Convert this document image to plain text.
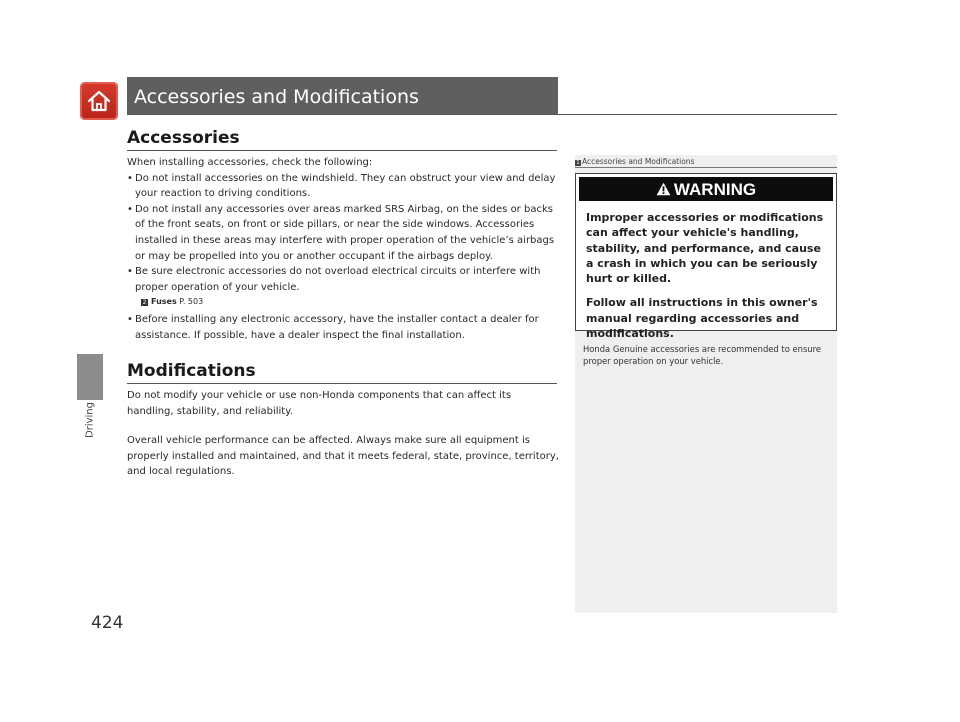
Accessories and Modifications
Driving
424
Accessories

When installing accessories, check the following:

• Do not install accessories on the windshield. They can obstruct your view and delay your reaction to driving conditions.
• Do not install any accessories over areas marked SRS Airbag, on the sides or backs of the front seats, on front or side pillars, or near the side windows. Accessories installed in these areas may interfere with proper operation of the vehicle’s airbags or may be propelled into you or another occupant if the airbags deploy.
• Be sure electronic accessories do not overload electrical circuits or interfere with proper operation of your vehicle.
2 Fuses P. 503
• Before installing any electronic accessory, have the installer contact a dealer for assistance. If possible, have a dealer inspect the final installation.
Modifications

Do not modify your vehicle or use non-Honda components that can affect its handling, stability, and reliability.

Overall vehicle performance can be affected. Always make sure all equipment is properly installed and maintained, and that it meets federal, state, province, territory, and local regulations.

1 Accessories and Modifications
WARNING

Improper accessories or modifications can affect your vehicle's handling, stability, and performance, and cause a crash in which you can be seriously hurt or killed.

Follow all instructions in this owner's manual regarding accessories and modifications.

Honda Genuine accessories are recommended to ensure proper operation on your vehicle.
